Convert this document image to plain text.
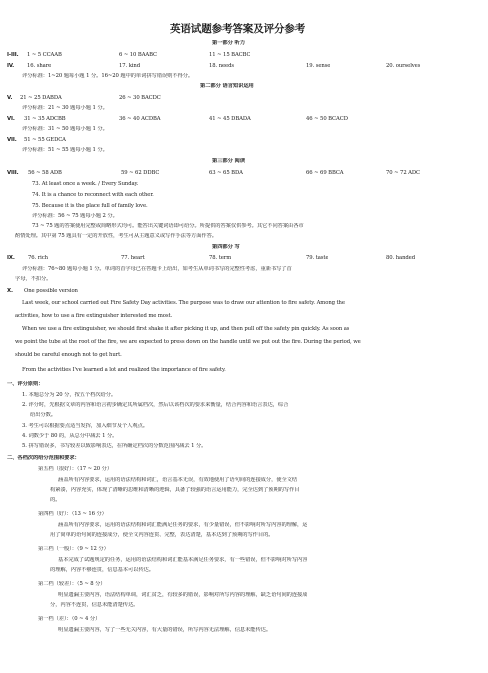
英语试题参考答案及评分参考
第一部分 听力
I-III. 1 ~ 5 CCAAB	6 ~ 10 BAABC	11 ~ 15 BACBC
IV. 16. share	17. kind	18. needs	19. sense	20. ourselves
评分标准：1~20 题每小题 1 分。16~20 题中的单词拼写错误则不得分。
第二部分 语言知识运用
V. 21 ~ 25 DABDA	26 ~ 30 BACDC
评分标准：21 ~ 30 题每小题 1 分。
VI. 31 ~ 35 ADCBB	36 ~ 40 ACDBA	41 ~ 45 DBADA	46 ~ 50 BCACD
评分标准：31 ~ 50 题每小题 1 分。
VII. 51 ~ 55 GEDCA
评分标准：51 ~ 55 题每小题 1 分。
第三部分 阅读
VIII. 56 ~ 58 ADB	59 ~ 62 DDBC	63 ~ 65 BDA	66 ~ 69 BBCA	70 ~ 72 ADC
73. At least once a week. / Every Sunday.
74. It is a chance to reconnect with each other.
75. Because it is the place full of family love.
评分标准：56 ~ 75 题每小题 2 分。
73 ~ 75 题的答案使用完整或简略形式均可。能答出关键词语即可给分。所提供的答案仅供参考。其它不同答案由各市
酌情处理。其中第 75 题具有一定的开放性，考生可从主题意义或写作手法等方面作答。
第四部分 写
IX. 76. rich	77. heart	78. term	79. taste	80. handed
评分标准：76~80 题每小题 1 分。单词的首字母已在答题卡上给出，如考生从单词书写的完整性考虑，重新书写了首
字母，不扣分。
X. One possible version
Last week, our school carried out Fire Safety Day activities. The purpose was to draw our attention to fire safety. Among the
activities, how to use a fire extinguisher interested me most.
When we use a fire extinguisher, we should first shake it after picking it up, and then pull off the safety pin quickly. As soon as
we point the tube at the root of the fire, we are expected to press down on the handle until we put out the fire. During the period, we
should be careful enough not to get hurt.
From the activities I've learned a lot and realized the importance of fire safety.
一、评分原则：
1. 本题总分为 20 分，按五个档次给分。
2. 评分时，先根据文章的内容和语言初步确定其所属档次，然后以该档次的要求来衡量，结合内容和语言表达，综合
给出分数。
3. 考生可以根据要点适当发挥，加入细节及个人观点。
4. 词数少于 80 的，从总分中减去 1 分。
5. 拼写错误多，书写较差以致影响表达，在所确定档次的分数范围内减去 1 分。
二、各档次的给分范围和要求：
第五档（很好）：（17 ~ 20 分）
涵盖所有内容要求，运用的语法结构和词汇，语言基本无误，有效地使用了语句间的连接成分，使全文结
构紧凑，内容充实，体现了清晰的思维和清晰的逻辑，具备了较强的语言运用能力，完全达到了预期的写作目
的。
第四档（好）：（13 ~ 16 分）
涵盖所有内容要求，运用的语法结构和词汇能满足任务的要求，有少量错误，但不影响对所写内容的理解，运
用了简单的语句间的连接成分，使全文内容连贯、完整，表达清楚，基本达到了预期的写作目的。
第三档（一般）：（9 ~ 12 分）
基本完成了试题规定的任务，运用的语法结构和词汇能基本满足任务要求，有一些错误，但不影响对所写内容
的理解，内容不够连贯，信息基本可以传达。
第二档（较差）：（5 ~ 8 分）
明显遗漏主要内容，语法结构单调，词汇贫乏，有较多的错误，影响对所写内容的理解，缺乏语句间的连接成
分，内容不连贯，信息未能清楚传达。
第一档（差）：（0 ~ 4 分）
明显遗漏主要内容，写了一些无关内容，有大量的错误，所写内容无法理解，信息未能传达。
